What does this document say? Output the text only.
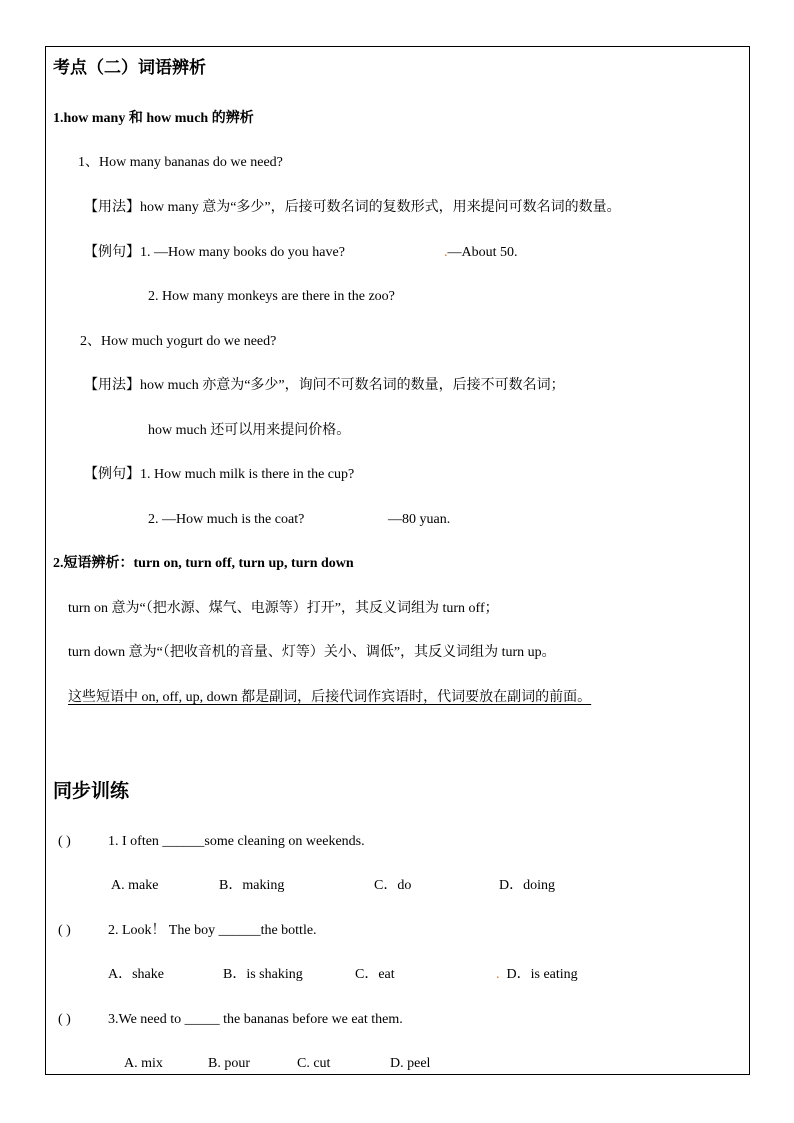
考点（二）词语辨析
1.how many 和 how much 的辨析
1、How many bananas do we need?
【用法】how many 意为“多少”，后接可数名词的复数形式，用来提问可数名词的数量。
【例句】1. —How many books do you have?	.—About 50.
2. How many monkeys are there in the zoo?
2、How much yogurt do we need?
【用法】how much 亦意为“多少”，询问不可数名词的数量，后接不可数名词；
how much 还可以用来提问价格。
【例句】1. How much milk is there in the cup?
2. —How much is the coat?	—80 yuan.
2.短语辨析：turn on, turn off, turn up, turn down
turn on 意为“（把水源、煤气、电源等）打开”，其反义词组为 turn off；
turn down 意为“（把收音机的音量、灯等）关小、调低”，其反义词组为 turn up。
这些短语中 on, off, up, down 都是副词，后接代词作宾语时，代词要放在副词的前面。
同步训练
( )	1. I often ______some cleaning on weekends.
A. make	B．making	C．do	D．doing
( )	2. Look！ The boy ______the bottle.
A．shake	B．is shaking	C．eat	. D．is eating
( )	3.We need to _____ the bananas before we eat them.
A. mix	B. pour	C. cut	D. peel
